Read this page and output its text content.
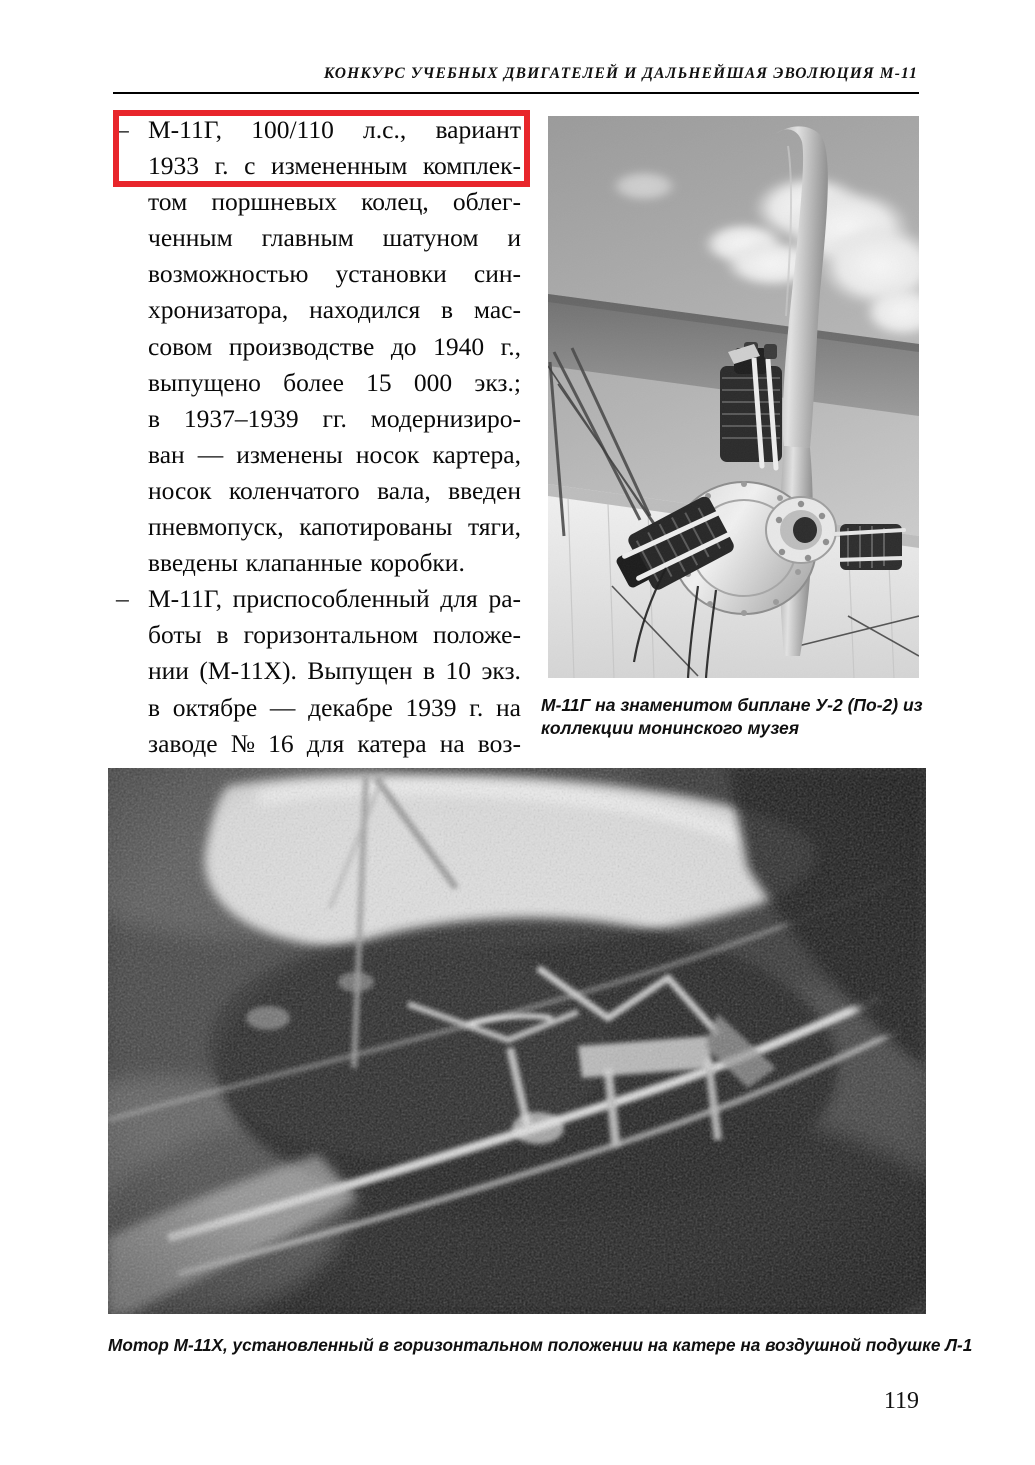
КОНКУРС УЧЕБНЫХ ДВИГАТЕЛЕЙ И ДАЛЬНЕЙШАЯ ЭВОЛЮЦИЯ М-11
– М-11Г, 100/110 л.с., вариант
1933 г. с измененным комплек-
том поршневых колец, облег-
ченным главным шатуном и
возможностью установки син-
хронизатора, находился в мас-
совом производстве до 1940 г.,
выпущено более 15 000 экз.;
в 1937–1939 гг. модернизиро-
ван — изменены носок картера,
носок коленчатого вала, введен
пневмопуск, капотированы тяги,
введены клапанные коробки.
– М-11Г, приспособленный для ра-
боты в горизонтальном положе-
нии (М-11Х). Выпущен в 10 экз.
в октябре — декабре 1939 г. на
заводе № 16 для катера на воз-
М-11Г на знаменитом биплане У-2 (По-2) из коллекции монинского музея
Мотор М-11Х, установленный в горизонтальном положении на катере на воздушной подушке Л-1
119
